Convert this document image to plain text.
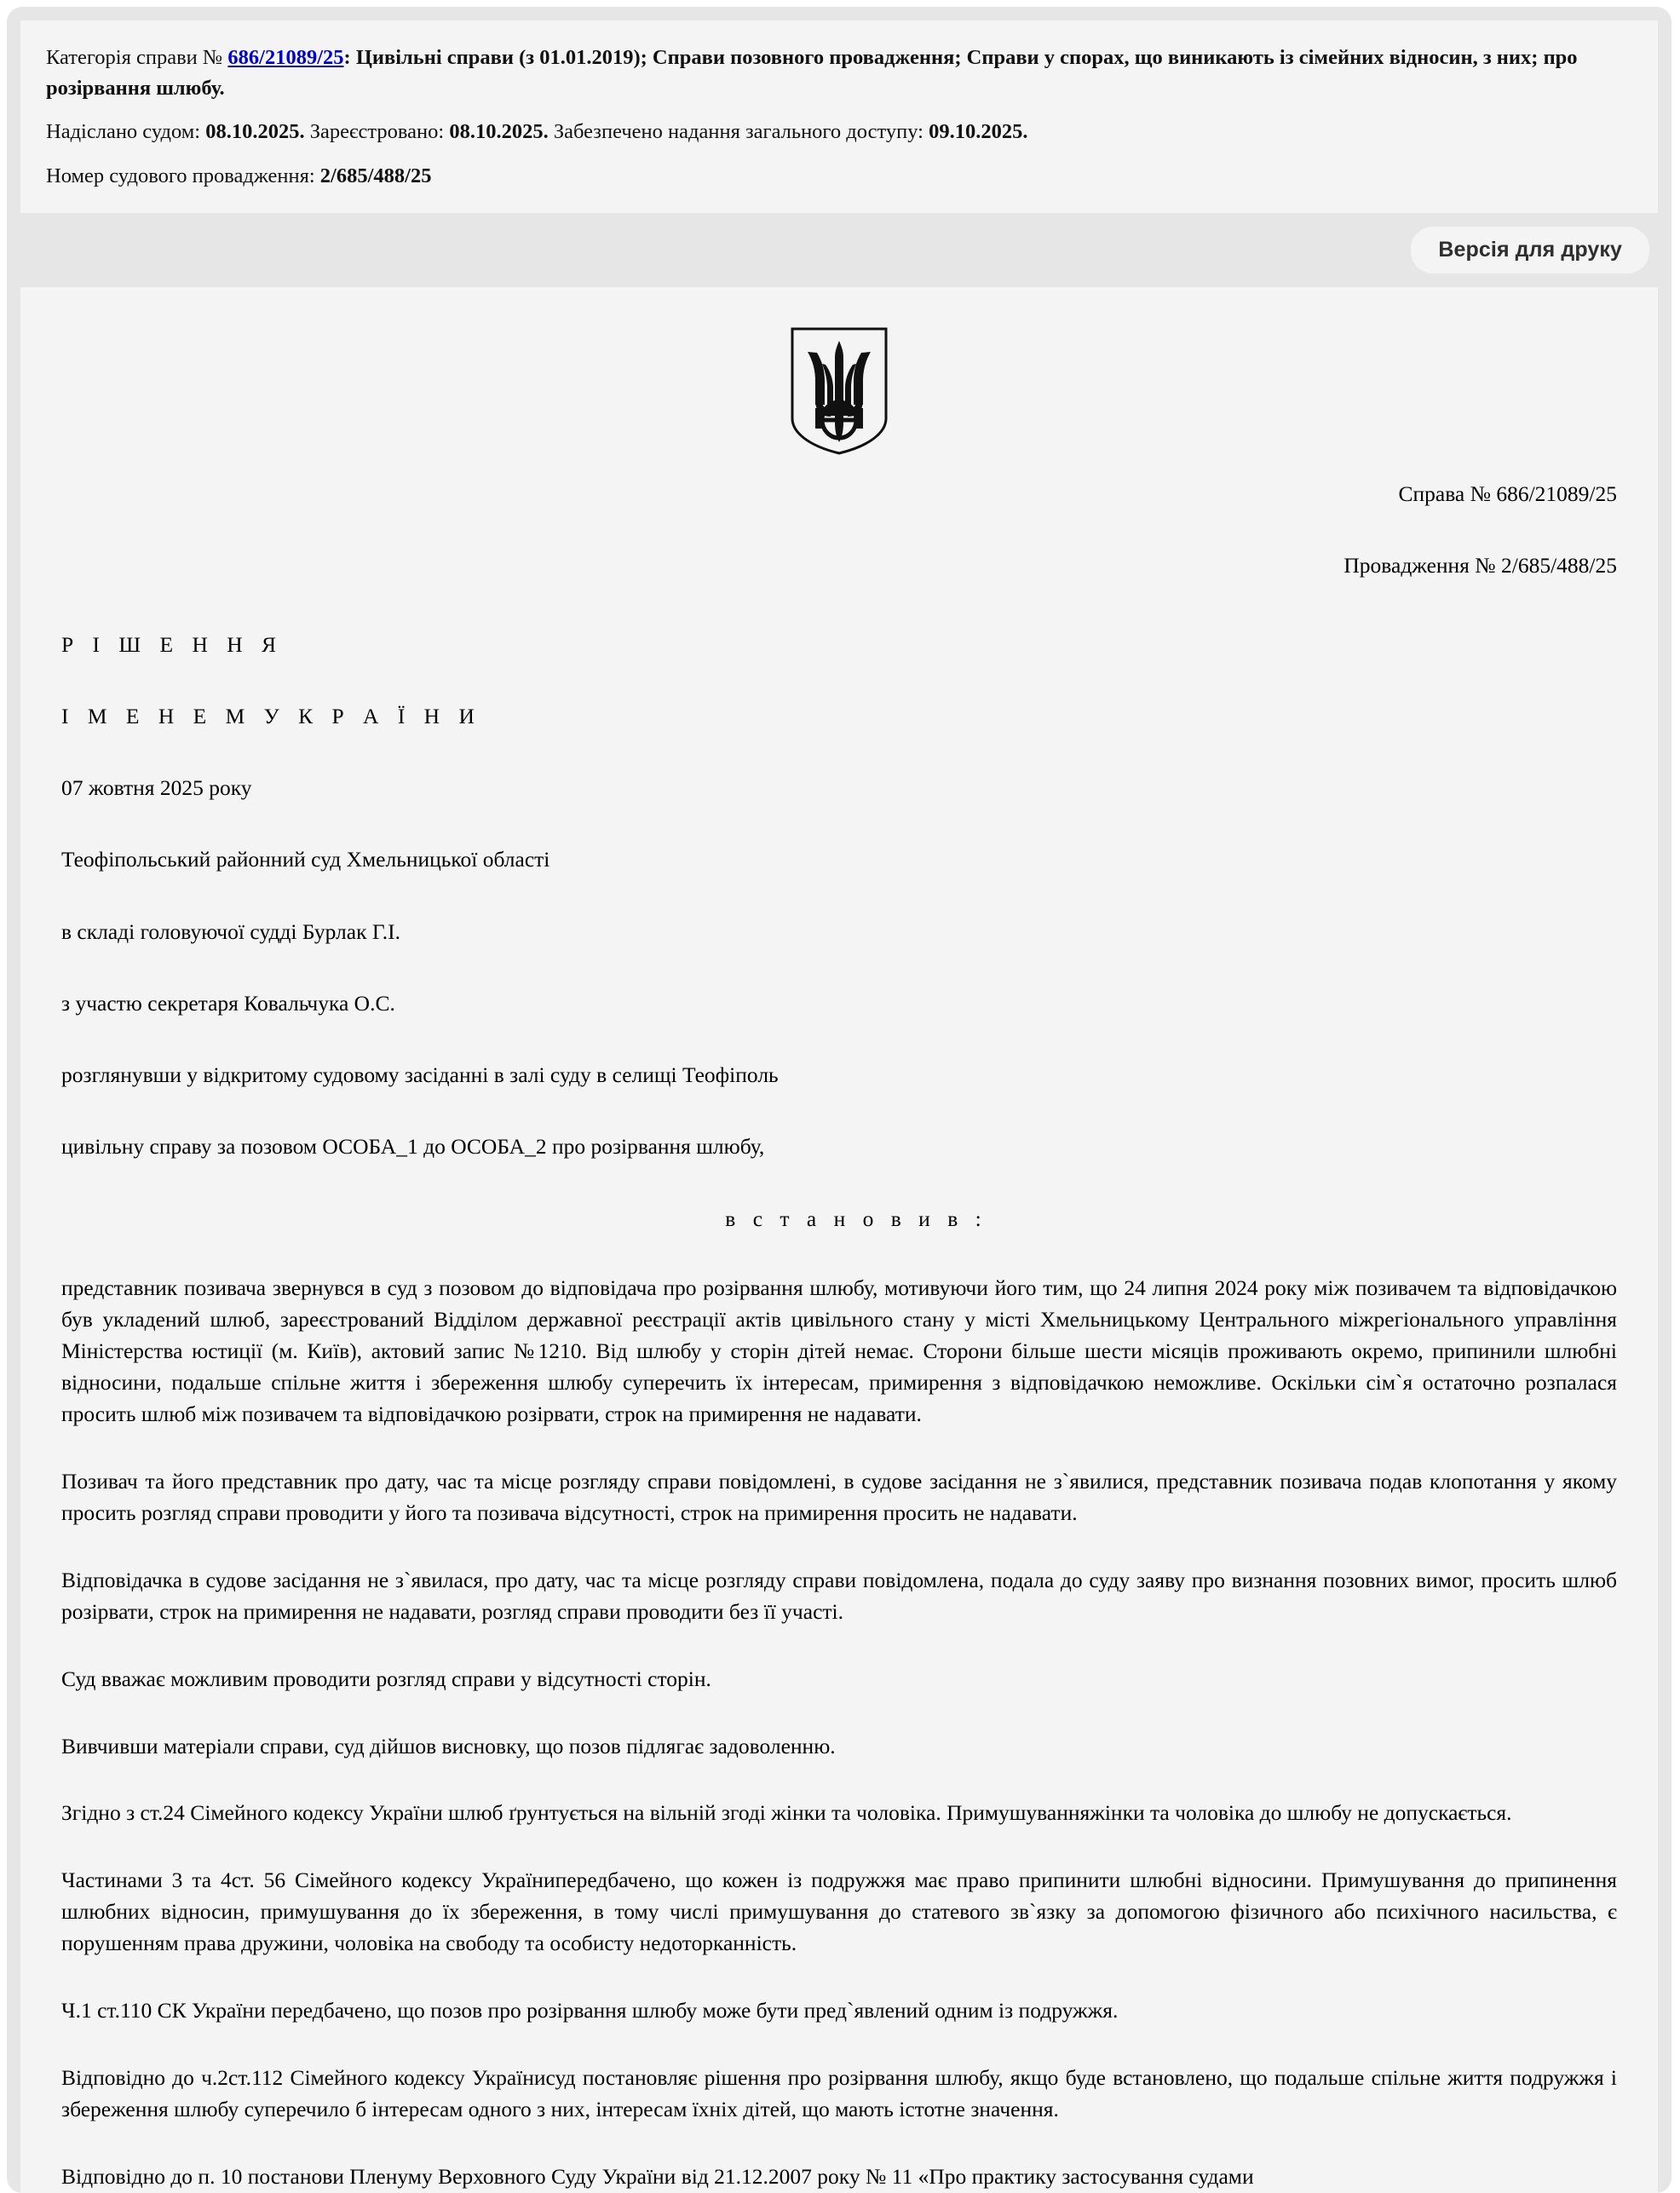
Категорія справи № 686/21089/25: Цивільні справи (з 01.01.2019); Справи позовного провадження; Справи у спорах, що виникають із сімейних відносин, з них; про розірвання шлюбу.

Надіслано судом: 08.10.2025. Зареєстровано: 08.10.2025. Забезпечено надання загального доступу: 09.10.2025.

Номер судового провадження: 2/685/488/25

Версія для друку

Справа № 686/21089/25

Провадження № 2/685/488/25

Р І Ш Е Н Н Я

І М Е Н Е М У К Р А Ї Н И

07 жовтня 2025 року

Теофіпольський районний суд Хмельницької області

в складі головуючої судді Бурлак Г.І.

з участю секретаря Ковальчука О.С.

розглянувши у відкритому судовому засіданні в залі суду в селищі Теофіполь

цивільну справу за позовом ОСОБА_1 до ОСОБА_2 про розірвання шлюбу,

в с т а н о в и в :

представник позивача звернувся в суд з позовом до відповідача про розірвання шлюбу, мотивуючи його тим, що 24 липня 2024 року між позивачем та відповідачкою був укладений шлюб, зареєстрований Відділом державної реєстрації актів цивільного стану у місті Хмельницькому Центрального міжрегіонального управління Міністерства юстиції (м. Київ), актовий запис №1210. Від шлюбу у сторін дітей немає. Сторони більше шести місяців проживають окремо, припинили шлюбні відносини, подальше спільне життя і збереження шлюбу суперечить їх інтересам, примирення з відповідачкою неможливе. Оскільки сім`я остаточно розпалася просить шлюб між позивачем та відповідачкою розірвати, строк на примирення не надавати.

Позивач та його представник про дату, час та місце розгляду справи повідомлені, в судове засідання не з`явилися, представник позивача подав клопотання у якому просить розгляд справи проводити у його та позивача відсутності, строк на примирення просить не надавати.

Відповідачка в судове засідання не з`явилася, про дату, час та місце розгляду справи повідомлена, подала до суду заяву про визнання позовних вимог, просить шлюб розірвати, строк на примирення не надавати, розгляд справи проводити без її участі.

Суд вважає можливим проводити розгляд справи у відсутності сторін.

Вивчивши матеріали справи, суд дійшов висновку, що позов підлягає задоволенню.

Згідно з ст.24 Сімейного кодексу України шлюб ґрунтується на вільній згоді жінки та чоловіка. Примушуванняжінки та чоловіка до шлюбу не допускається.

Частинами 3 та 4ст. 56 Сімейного кодексу Українипередбачено, що кожен із подружжя має право припинити шлюбні відносини. Примушування до припинення шлюбних відносин, примушування до їх збереження, в тому числі примушування до статевого зв`язку за допомогою фізичного або психічного насильства, є порушенням права дружини, чоловіка на свободу та особисту недоторканність.

Ч.1 ст.110 СК України передбачено, що позов про розірвання шлюбу може бути пред`явлений одним із подружжя.

Відповідно до ч.2ст.112 Сімейного кодексу Українисуд постановляє рішення про розірвання шлюбу, якщо буде встановлено, що подальше спільне життя подружжя і збереження шлюбу суперечило б інтересам одного з них, інтересам їхніх дітей, що мають істотне значення.

Відповідно до п. 10 постанови Пленуму Верховного Суду України від 21.12.2007 року № 11 «Про практику застосування судами
